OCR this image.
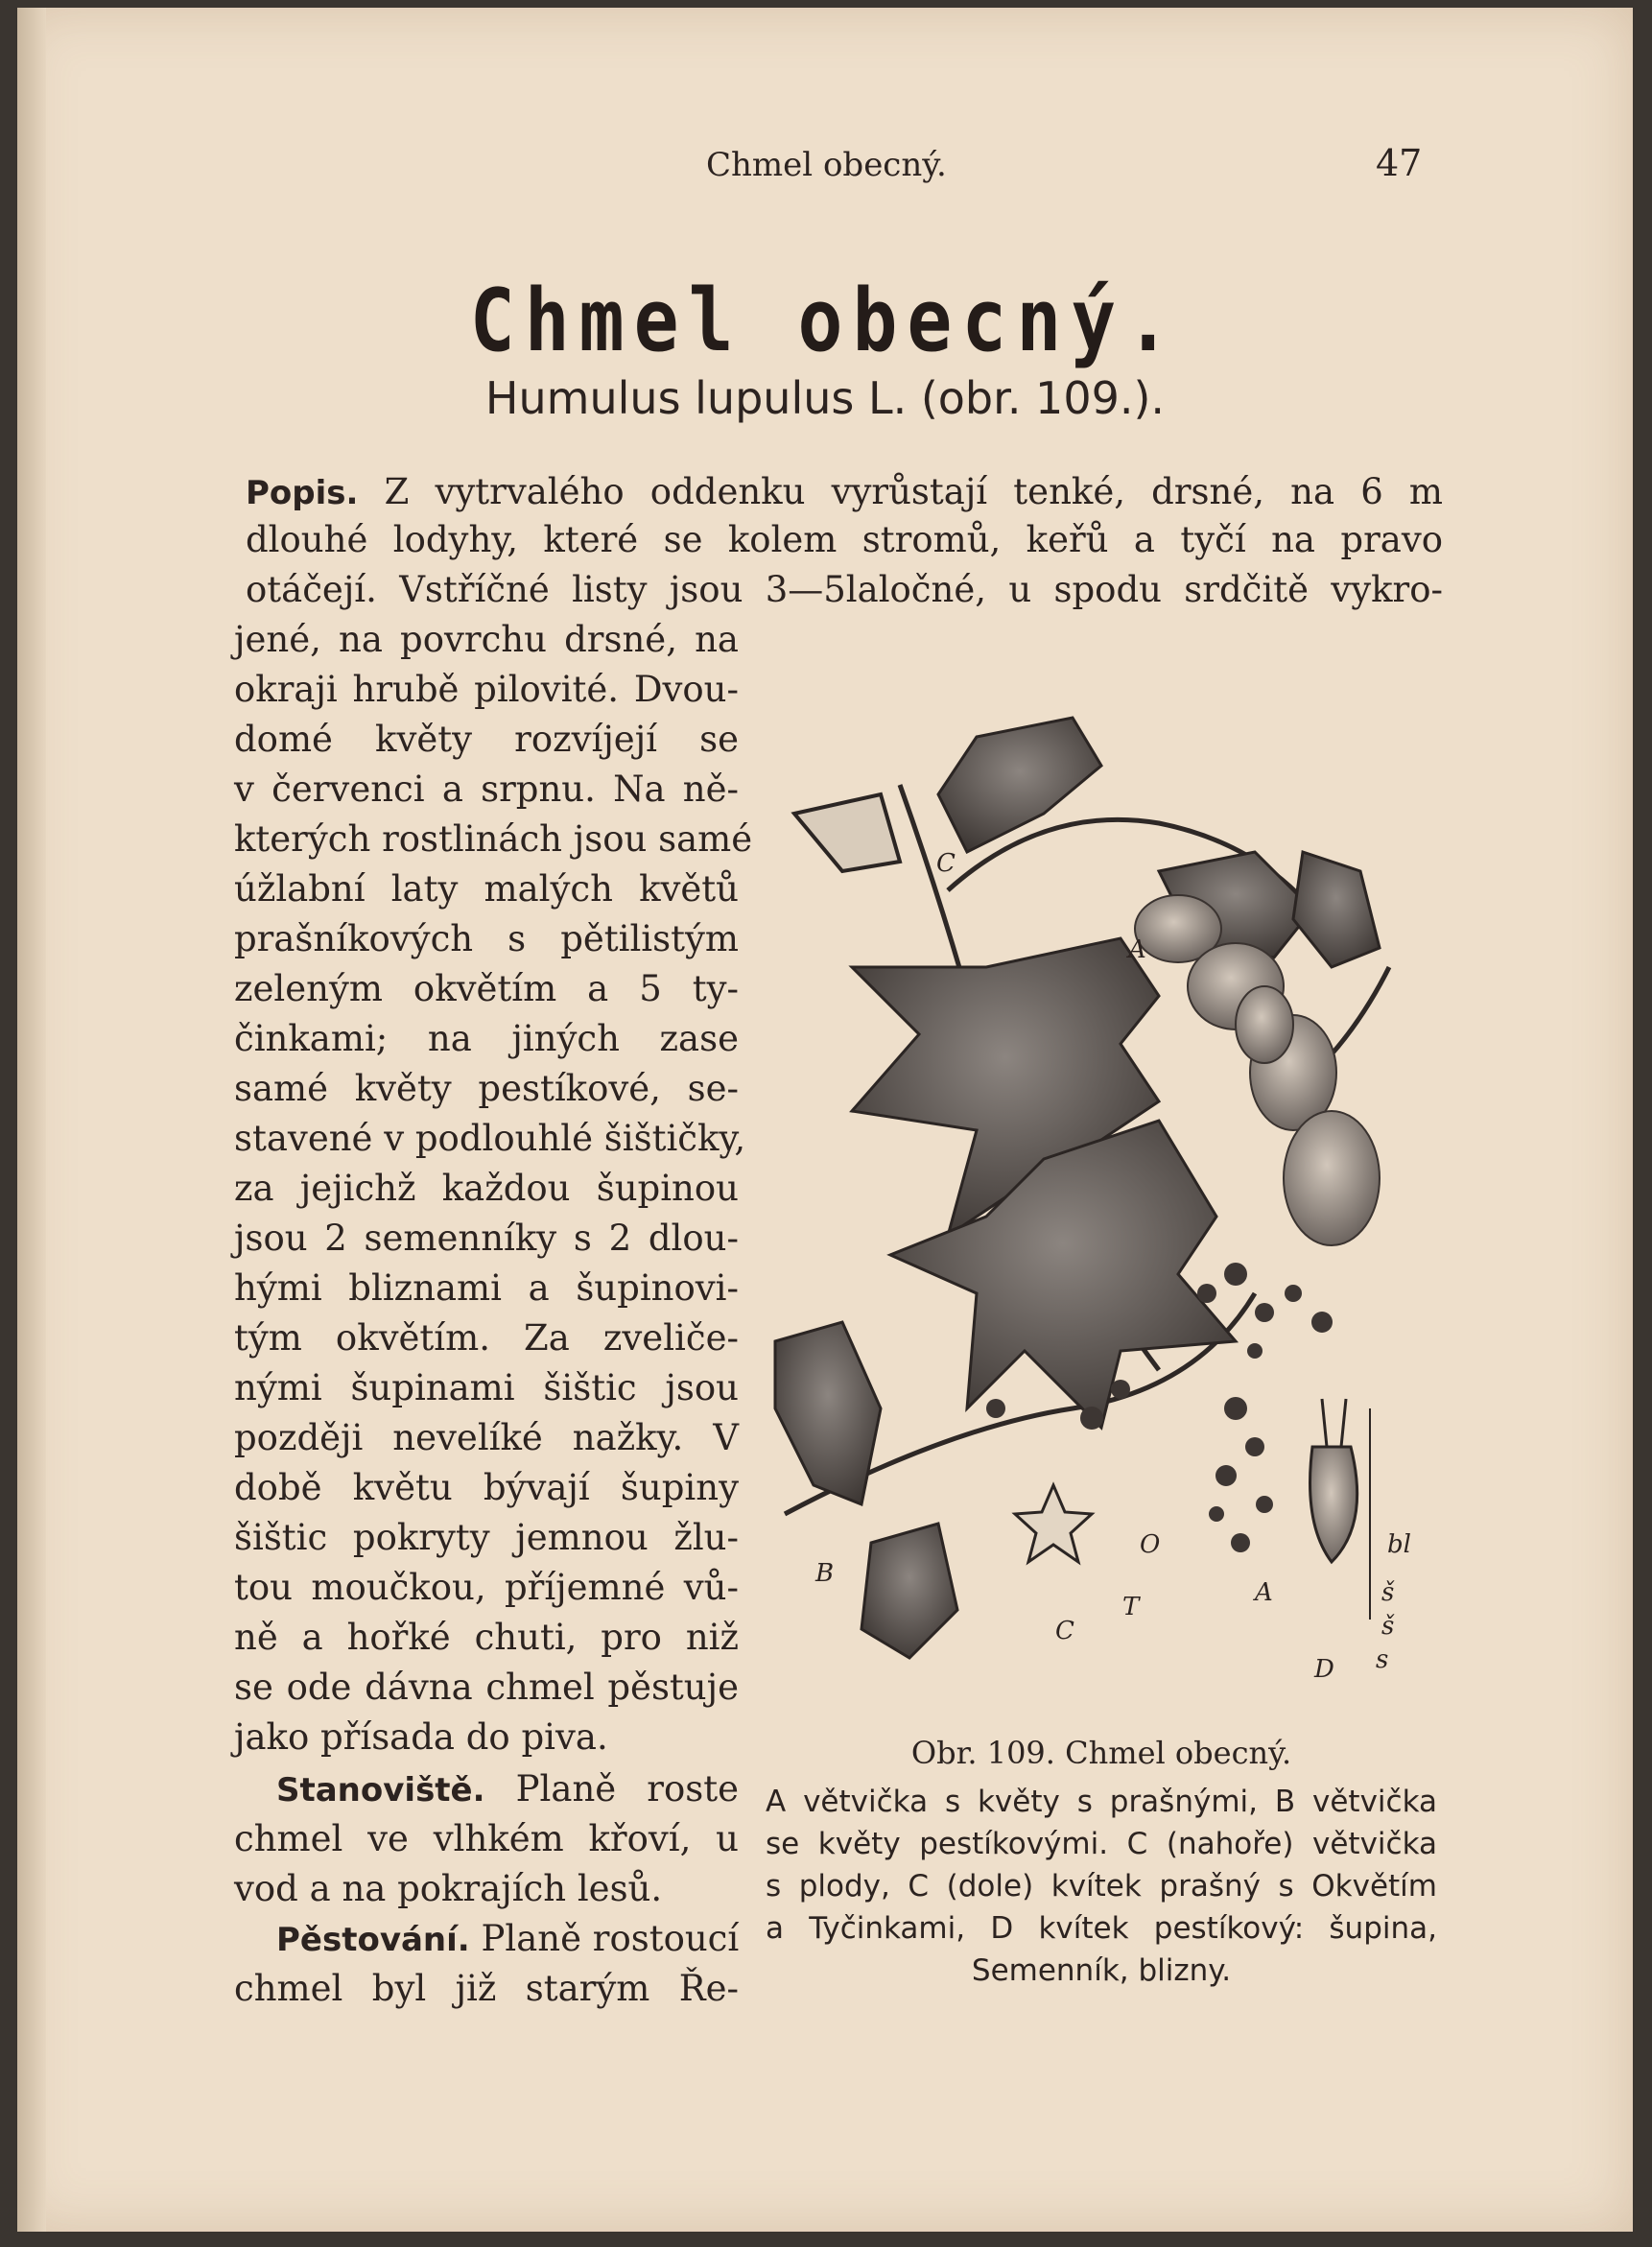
Chmel obecný.	47
Chmel obecný.
Humulus lupulus L. (obr. 109.).
Popis. Z vytrvalého oddenku vyrůstají tenké, drsné, na 6 m
dlouhé lodyhy, které se kolem stromů, keřů a tyčí na pravo
otáčejí. Vstříčné listy jsou 3—5laločné, u spodu srdčitě vykro-
jené, na povrchu drsné, na
okraji hrubě pilovité. Dvou-
domé květy rozvíjejí se
v červenci a srpnu. Na ně-
kterých rostlinách jsou samé
úžlabní laty malých květů
prašníkových s pětilistým
zeleným okvětím a 5 ty-
činkami; na jiných zase
samé květy pestíkové, se-
stavené v podlouhlé šištičky,
za jejichž každou šupinou
jsou 2 semenníky s 2 dlou-
hými bliznami a šupinovi-
tým okvětím. Za zveliče-
nými šupinami šištic jsou
později nevelíké nažky. V
době květu bývají šupiny
šištic pokryty jemnou žlu-
tou moučkou, příjemné vů-
ně a hořké chuti, pro niž
se ode dávna chmel pěstuje
jako přísada do piva.
Stanoviště. Planě roste
chmel ve vlhkém křoví, u
vod a na pokrajích lesů.
Pěstování. Planě rostoucí
chmel byl již starým Ře-
C
A
B
O
T
C
A
D
bl
š
š
s
Obr. 109. Chmel obecný.
A větvička s květy s prašnými, B větvička
se květy pestíkovými. C (nahoře) větvička
s plody, C (dole) kvítek prašný s Okvětím
a Tyčinkami, D kvítek pestíkový: šupina,
Semenník, blizny.
